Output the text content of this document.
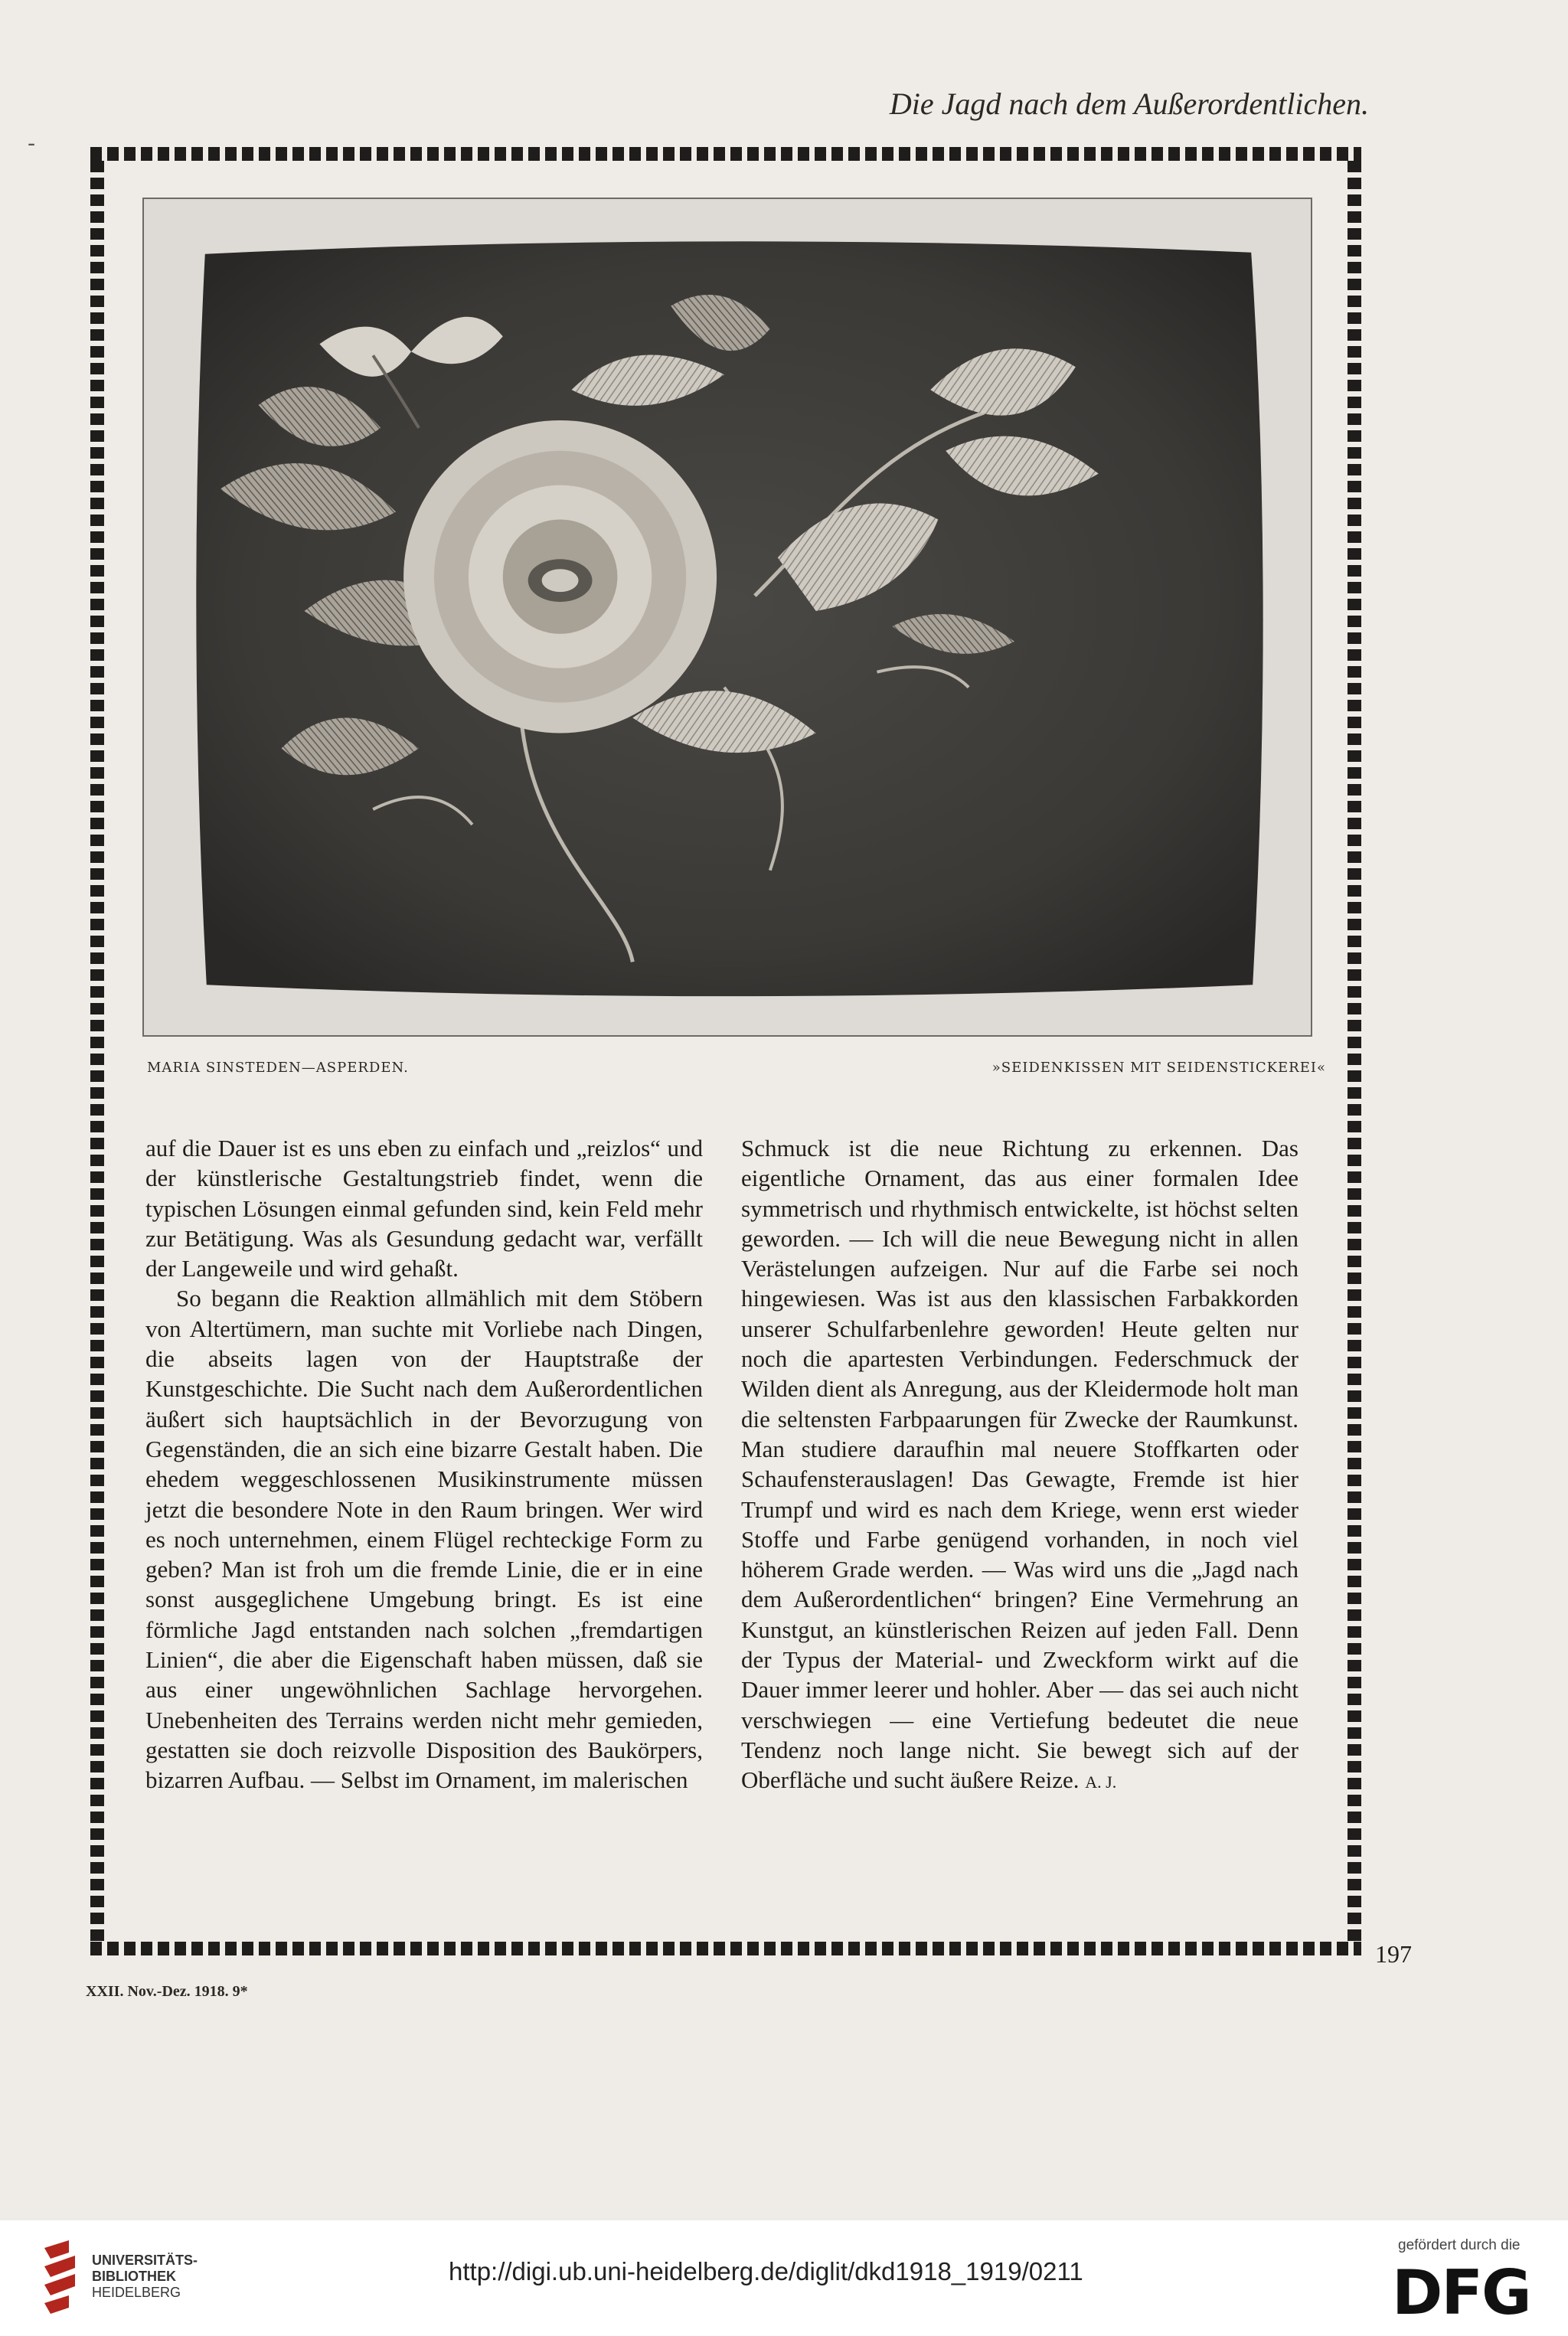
Die Jagd nach dem Außerordentlichen.
-
MARIA SINSTEDEN—ASPERDEN.	»SEIDENKISSEN MIT SEIDENSTICKEREI«

auf die Dauer ist es uns eben zu einfach und „reizlos“ und der künstlerische Gestaltungstrieb findet, wenn die typischen Lösungen einmal gefunden sind, kein Feld mehr zur Betätigung. Was als Gesundung gedacht war, verfällt der Langeweile und wird gehaßt.

So begann die Reaktion allmählich mit dem Stöbern von Altertümern, man suchte mit Vorliebe nach Dingen, die abseits lagen von der Hauptstraße der Kunstgeschichte. Die Sucht nach dem Außerordentlichen äußert sich hauptsächlich in der Bevorzugung von Gegenständen, die an sich eine bizarre Gestalt haben. Die ehedem weggeschlossenen Musikinstrumente müssen jetzt die besondere Note in den Raum bringen. Wer wird es noch unternehmen, einem Flügel rechteckige Form zu geben? Man ist froh um die fremde Linie, die er in eine sonst ausgeglichene Umgebung bringt. Es ist eine förmliche Jagd entstanden nach solchen „fremdartigen Linien“, die aber die Eigenschaft haben müssen, daß sie aus einer ungewöhnlichen Sachlage hervorgehen. Unebenheiten des Terrains werden nicht mehr gemieden, gestatten sie doch reizvolle Disposition des Baukörpers, bizarren Aufbau. — Selbst im Ornament, im malerischen

Schmuck ist die neue Richtung zu erkennen. Das eigentliche Ornament, das aus einer formalen Idee symmetrisch und rhythmisch entwickelte, ist höchst selten geworden. — Ich will die neue Bewegung nicht in allen Verästelungen aufzeigen. Nur auf die Farbe sei noch hingewiesen. Was ist aus den klassischen Farbakkorden unserer Schulfarbenlehre geworden! Heute gelten nur noch die apartesten Verbindungen. Federschmuck der Wilden dient als Anregung, aus der Kleidermode holt man die seltensten Farbpaarungen für Zwecke der Raumkunst. Man studiere daraufhin mal neuere Stoffkarten oder Schaufensterauslagen! Das Gewagte, Fremde ist hier Trumpf und wird es nach dem Kriege, wenn erst wieder Stoffe und Farbe genügend vorhanden, in noch viel höherem Grade werden. — Was wird uns die „Jagd nach dem Außerordentlichen“ bringen? Eine Vermehrung an Kunstgut, an künstlerischen Reizen auf jeden Fall. Denn der Typus der Material- und Zweckform wirkt auf die Dauer immer leerer und hohler. Aber — das sei auch nicht verschwiegen — eine Vertiefung bedeutet die neue Tendenz noch lange nicht. Sie bewegt sich auf der Oberfläche und sucht äußere Reize. A. J.

197
XXII. Nov.-Dez. 1918. 9*
UNIVERSITÄTS-
BIBLIOTHEK
HEIDELBERG
http://digi.ub.uni-heidelberg.de/diglit/dkd1918_1919/0211
gefördert durch die
DFG
